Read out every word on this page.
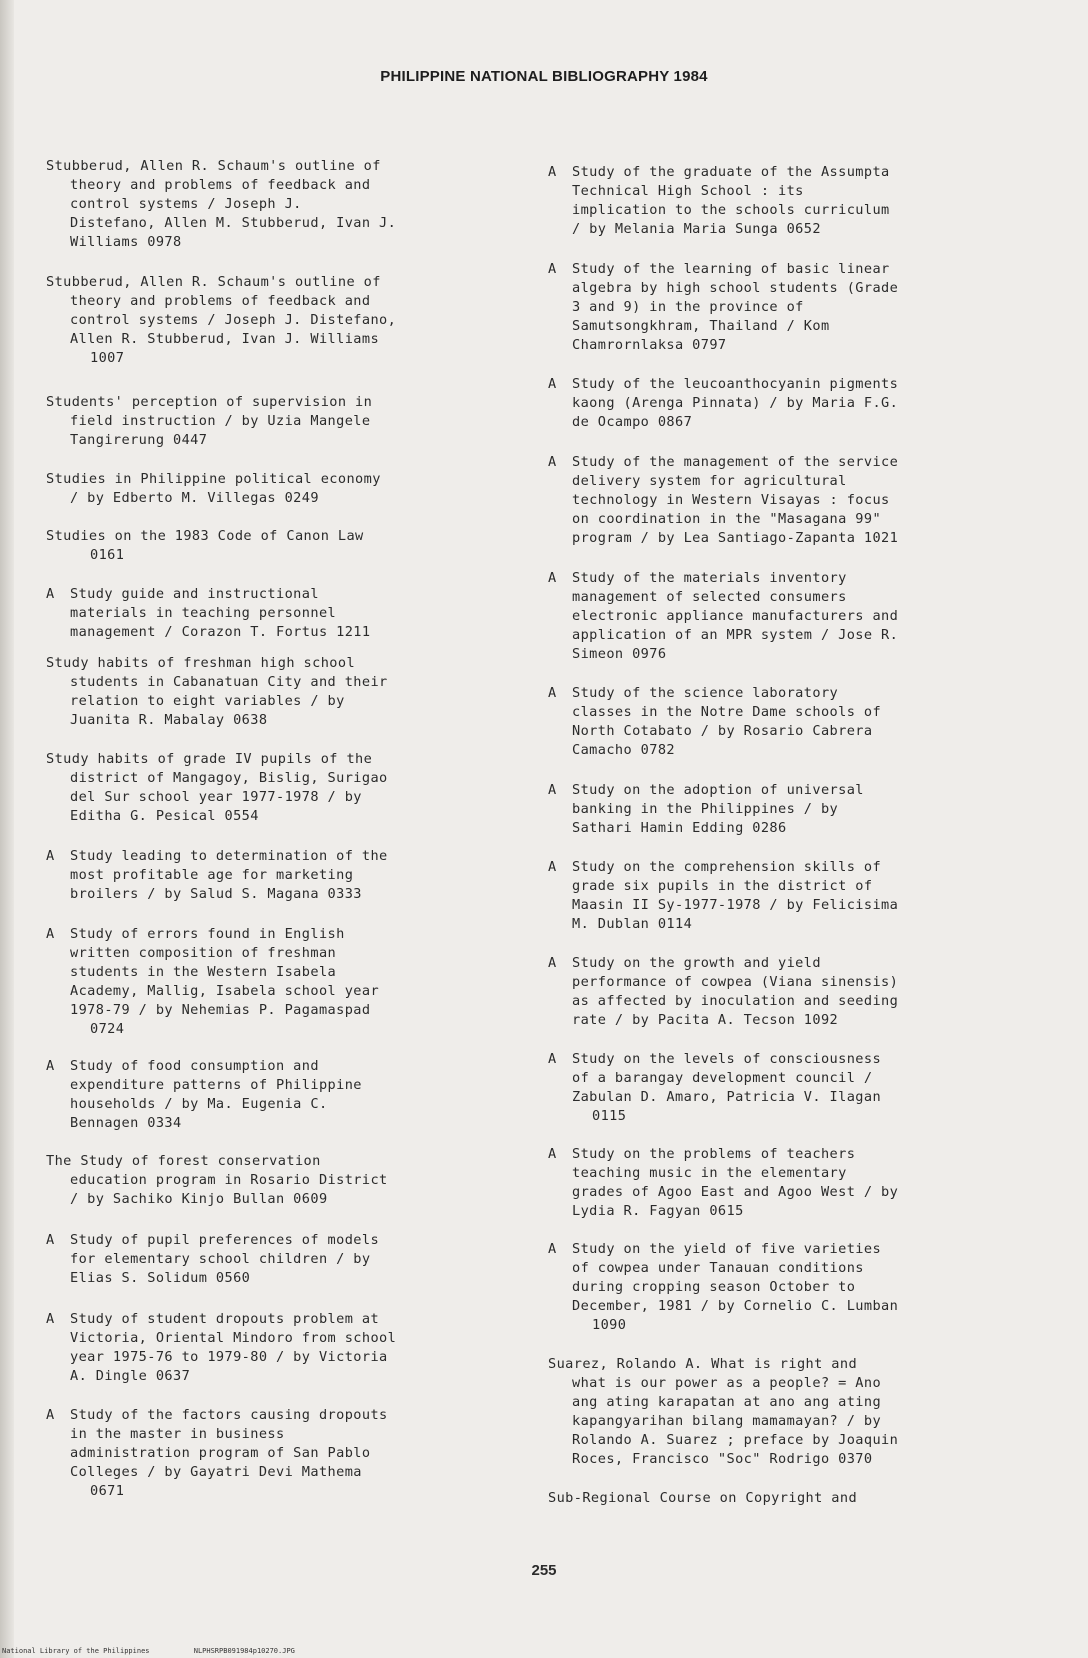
PHILIPPINE NATIONAL BIBLIOGRAPHY 1984
Stubberud, Allen R. Schaum's outline of
theory and problems of feedback and
control systems / Joseph J.
Distefano, Allen M. Stubberud, Ivan J.
Williams 0978
Stubberud, Allen R. Schaum's outline of
theory and problems of feedback and
control systems / Joseph J. Distefano,
Allen R. Stubberud, Ivan J. Williams
1007
Students' perception of supervision in
field instruction / by Uzia Mangele
Tangirerung 0447
Studies in Philippine political economy
/ by Edberto M. Villegas 0249
Studies on the 1983 Code of Canon Law
0161
A	Study guide and instructional
materials in teaching personnel
management / Corazon T. Fortus 1211
Study habits of freshman high school
students in Cabanatuan City and their
relation to eight variables / by
Juanita R. Mabalay 0638
Study habits of grade IV pupils of the
district of Mangagoy, Bislig, Surigao
del Sur school year 1977-1978 / by
Editha G. Pesical 0554
A	Study leading to determination of the
most profitable age for marketing
broilers / by Salud S. Magana 0333
A	Study of errors found in English
written composition of freshman
students in the Western Isabela
Academy, Mallig, Isabela school year
1978-79 / by Nehemias P. Pagamaspad
0724
A	Study of food consumption and
expenditure patterns of Philippine
households / by Ma. Eugenia C.
Bennagen 0334
The Study of forest conservation
education program in Rosario District
/ by Sachiko Kinjo Bullan 0609
A	Study of pupil preferences of models
for elementary school children / by
Elias S. Solidum 0560
A	Study of student dropouts problem at
Victoria, Oriental Mindoro from school
year 1975-76 to 1979-80 / by Victoria
A. Dingle 0637
A	Study of the factors causing dropouts
in the master in business
administration program of San Pablo
Colleges / by Gayatri Devi Mathema
0671
A	Study of the graduate of the Assumpta
Technical High School : its
implication to the schools curriculum
/ by Melania Maria Sunga 0652
A	Study of the learning of basic linear
algebra by high school students (Grade
3 and 9) in the province of
Samutsongkhram, Thailand / Kom
Chamrornlaksa 0797
A	Study of the leucoanthocyanin pigments
kaong (Arenga Pinnata) / by Maria F.G.
de Ocampo 0867
A	Study of the management of the service
delivery system for agricultural
technology in Western Visayas : focus
on coordination in the "Masagana 99"
program / by Lea Santiago-Zapanta 1021
A	Study of the materials inventory
management of selected consumers
electronic appliance manufacturers and
application of an MPR system / Jose R.
Simeon 0976
A	Study of the science laboratory
classes in the Notre Dame schools of
North Cotabato / by Rosario Cabrera
Camacho 0782
A	Study on the adoption of universal
banking in the Philippines / by
Sathari Hamin Edding 0286
A	Study on the comprehension skills of
grade six pupils in the district of
Maasin II Sy-1977-1978 / by Felicisima
M. Dublan 0114
A	Study on the growth and yield
performance of cowpea (Viana sinensis)
as affected by inoculation and seeding
rate / by Pacita A. Tecson 1092
A	Study on the levels of consciousness
of a barangay development council /
Zabulan D. Amaro, Patricia V. Ilagan
0115
A	Study on the problems of teachers
teaching music in the elementary
grades of Agoo East and Agoo West / by
Lydia R. Fagyan 0615
A	Study on the yield of five varieties
of cowpea under Tanauan conditions
during cropping season October to
December, 1981 / by Cornelio C. Lumban
1090
Suarez, Rolando A. What is right and
what is our power as a people? = Ano
ang ating karapatan at ano ang ating
kapangyarihan bilang mamamayan? / by
Rolando A. Suarez ; preface by Joaquin
Roces, Francisco "Soc" Rodrigo 0370
Sub-Regional Course on Copyright and
255
National Library of the Philippines	NLPHSRPB091984p10270.JPG
